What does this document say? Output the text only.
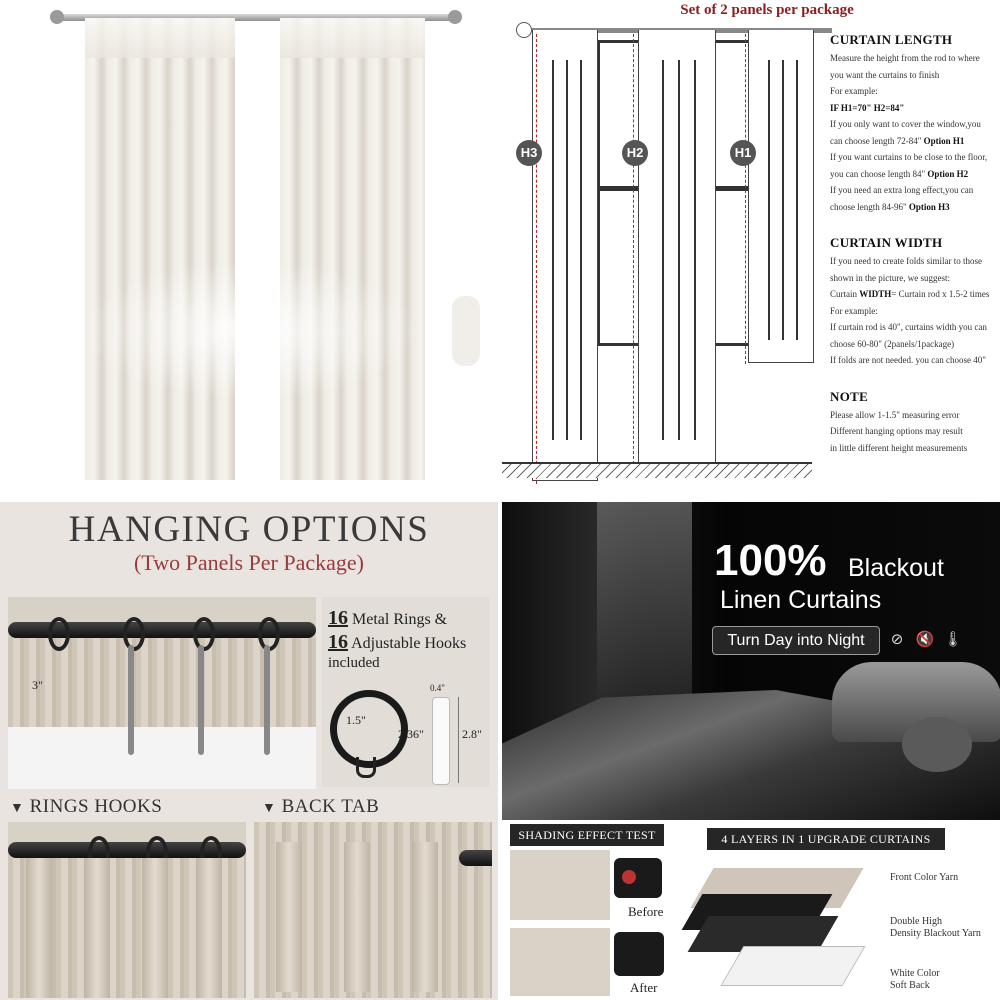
Set of 2 panels per package
H3	H2	H1
CURTAIN LENGTH

Measure the height from the rod to where

you want the curtains to finish

For example:

IF H1=70" H2=84"

If you only want to cover the window,you

can choose length 72-84" Option H1

If you want curtains to be close to the floor,

you can choose length 84" Option H2

If you need an extra long effect,you can

choose length 84-96" Option H3

CURTAIN WIDTH

If you need to create folds similar to those

shown in the picture, we suggest:

Curtain WIDTH= Curtain rod x 1.5-2 times

For example:

If curtain rod is 40", curtains width you can

choose 60-80" (2panels/1package)

If folds are not needed. you can choose 40"

NOTE

Please allow 1-1.5" measuring error

Different hanging options may result

in little different height measurements

HANGING OPTIONS
(Two Panels Per Package)
3"
16 Metal Rings &
16 Adjustable Hooks
included
1.5"
2.36"
0.4"
2.8"
▼ RINGS HOOKS	▼ BACK TAB
100% Blackout
Linen Curtains
Turn Day into Night	⊘ 🔇 🌡
SHADING EFFECT TEST
Before
After
4 LAYERS IN 1 UPGRADE CURTAINS
Front Color Yarn
Double High
Density Blackout Yarn
White Color
Soft Back
